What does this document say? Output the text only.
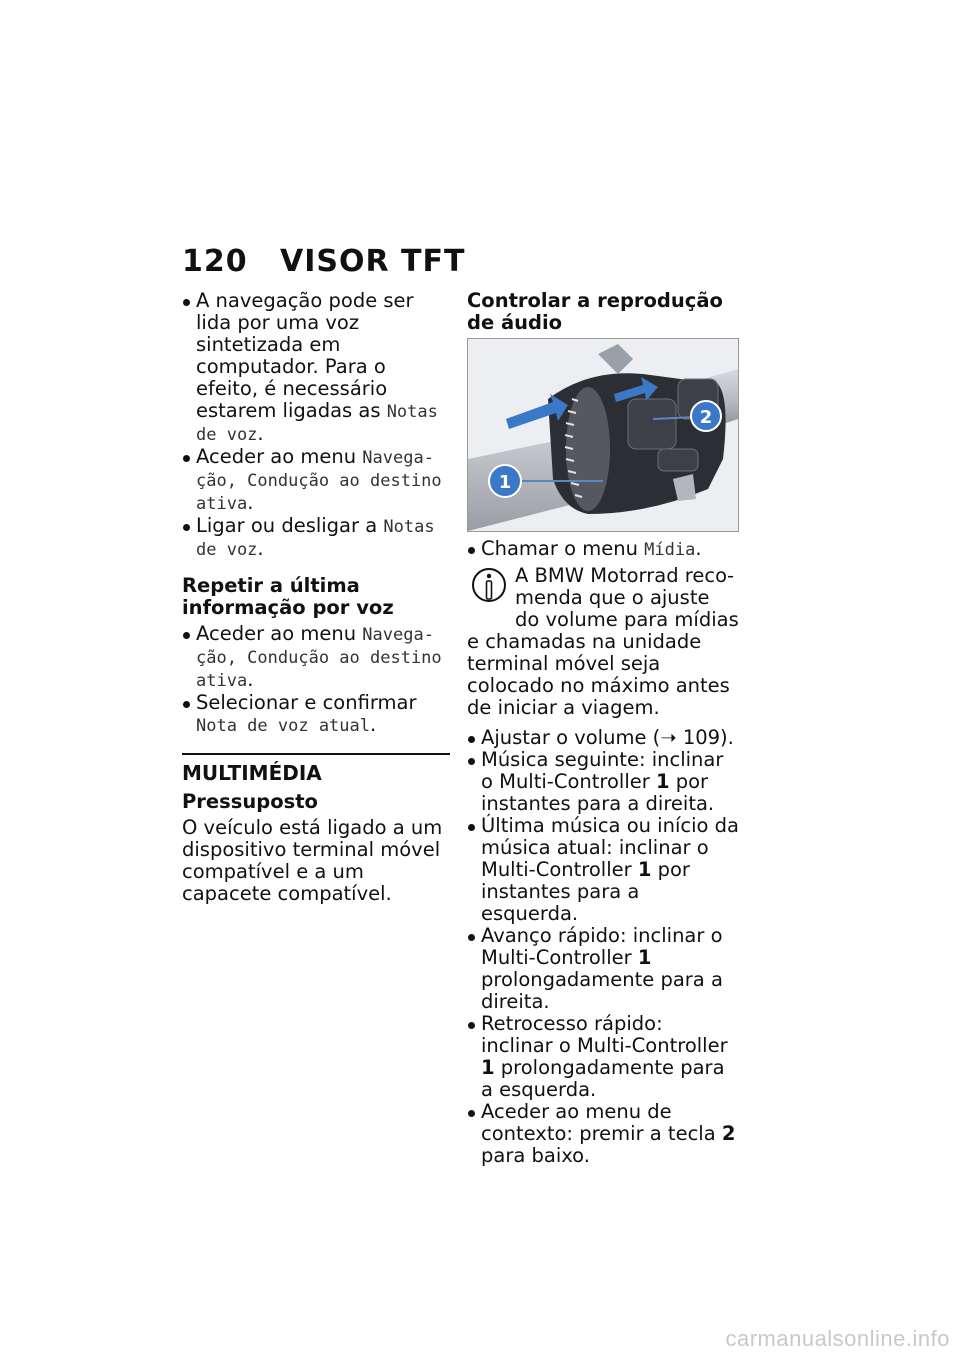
120 VISOR TFT

A navegação pode ser lida por uma voz sintetizada em computador. Para o efeito, é necessário estarem ligadas as Notas de voz.

Aceder ao menu Navegação, Condução ao destino ativa.

Ligar ou desligar a Notas de voz.

Repetir a última informação por voz

Aceder ao menu Navegação, Condução ao destino ativa.

Selecionar e confirmar Nota de voz atual.

MULTIMÉDIA
Pressuposto

O veículo está ligado a um dispositivo terminal móvel compatível e a um capacete compatível.

Controlar a reprodução de áudio
1
2

Chamar o menu Mídia.

A BMW Motorrad recomenda que o ajuste do volume para mídias e chamadas na unidade terminal móvel seja colocado no máximo antes de iniciar a viagem.

Ajustar o volume (➝ 109).

Música seguinte: inclinar o Multi-Controller 1 por instantes para a direita.

Última música ou início da música atual: inclinar o Multi-Controller 1 por instantes para a esquerda.

Avanço rápido: inclinar o Multi-Controller 1 prolongadamente para a direita.

Retrocesso rápido: inclinar o Multi-Controller 1 prolongadamente para a esquerda.

Aceder ao menu de contexto: premir a tecla 2 para baixo.

carmanualsonline.info
